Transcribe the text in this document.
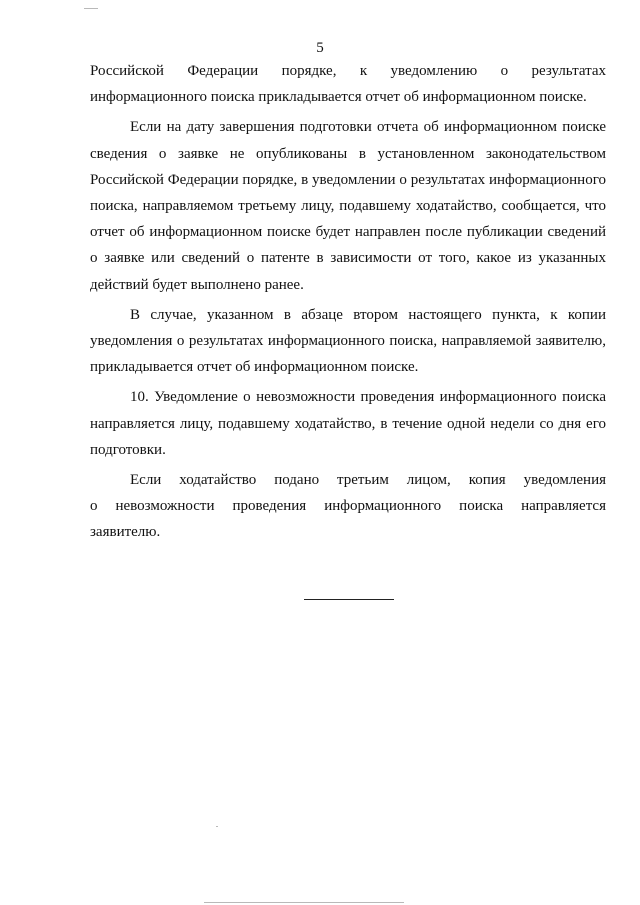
5

Российской Федерации порядке, к уведомлению о результатах информационного поиска прикладывается отчет об информационном поиске.

Если на дату завершения подготовки отчета об информационном поиске сведения о заявке не опубликованы в установленном законодательством Российской Федерации порядке, в уведомлении о результатах информационного поиска, направляемом третьему лицу, подавшему ходатайство, сообщается, что отчет об информационном поиске будет направлен после публикации сведений о заявке или сведений о патенте в зависимости от того, какое из указанных действий будет выполнено ранее.

В случае, указанном в абзаце втором настоящего пункта, к копии уведомления о результатах информационного поиска, направляемой заявителю, прикладывается отчет об информационном поиске.

10. Уведомление о невозможности проведения информационного поиска направляется лицу, подавшему ходатайство, в течение одной недели со дня его подготовки.

Если ходатайство подано третьим лицом, копия уведомления о невозможности проведения информационного поиска направляется заявителю.
